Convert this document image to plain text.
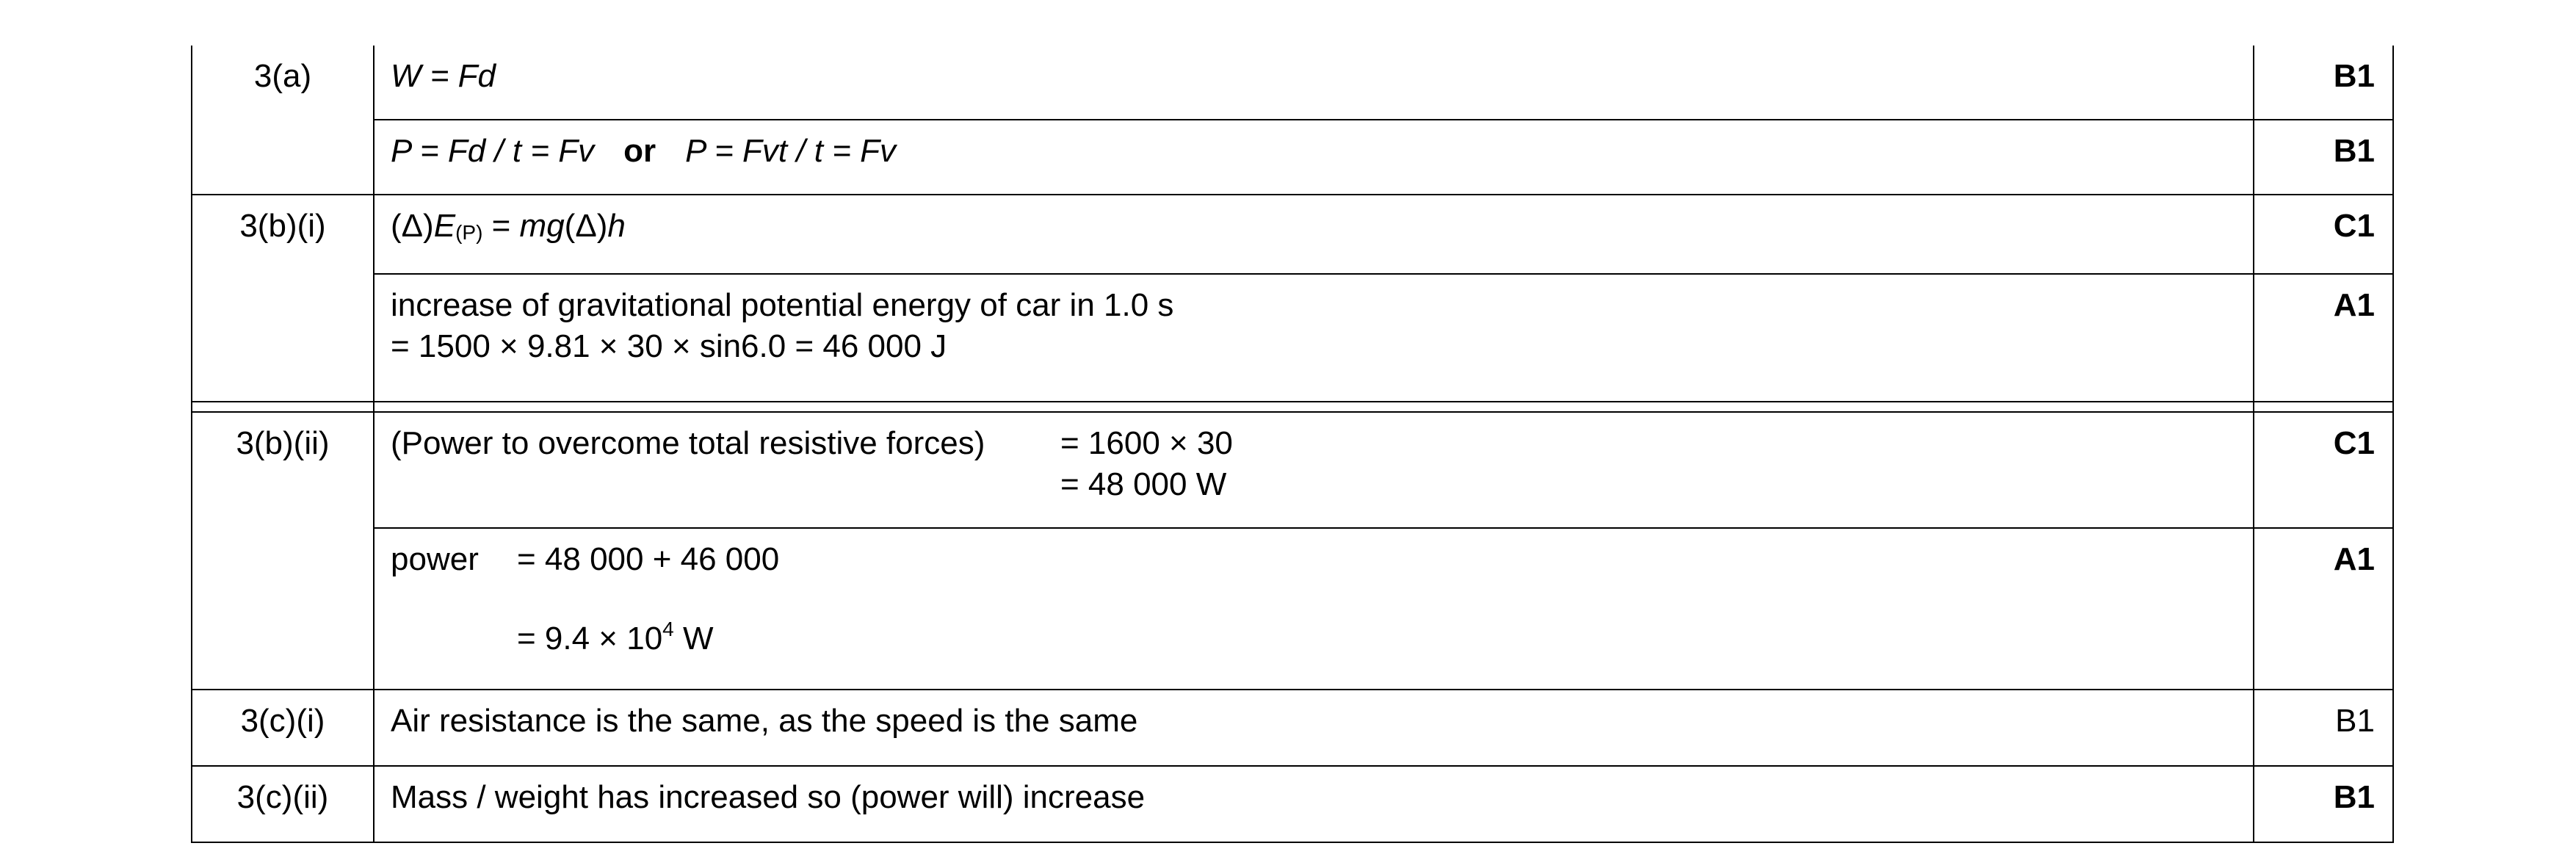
3(a)	W = Fd	B1
	P = Fd / t = Fv or P = Fvt / t = Fv	B1
3(b)(i)	(Δ)E(P) = mg(Δ)h	C1

	increase of gravitational potential energy of car in 1.0 s
= 1500 × 9.81 × 30 × sin6.0 = 46 000 J	A1

3(b)(ii)	(Power to overcome total resistive forces) = 1600 × 30
= 48 000 W	C1

	power = 48 000 + 46 000
= $9.4 \times 10^4$ W	A1
3(c)(i)	Air resistance is the same, as the speed is the same	B1
3(c)(ii)	Mass / weight has increased so (power will) increase	B1
